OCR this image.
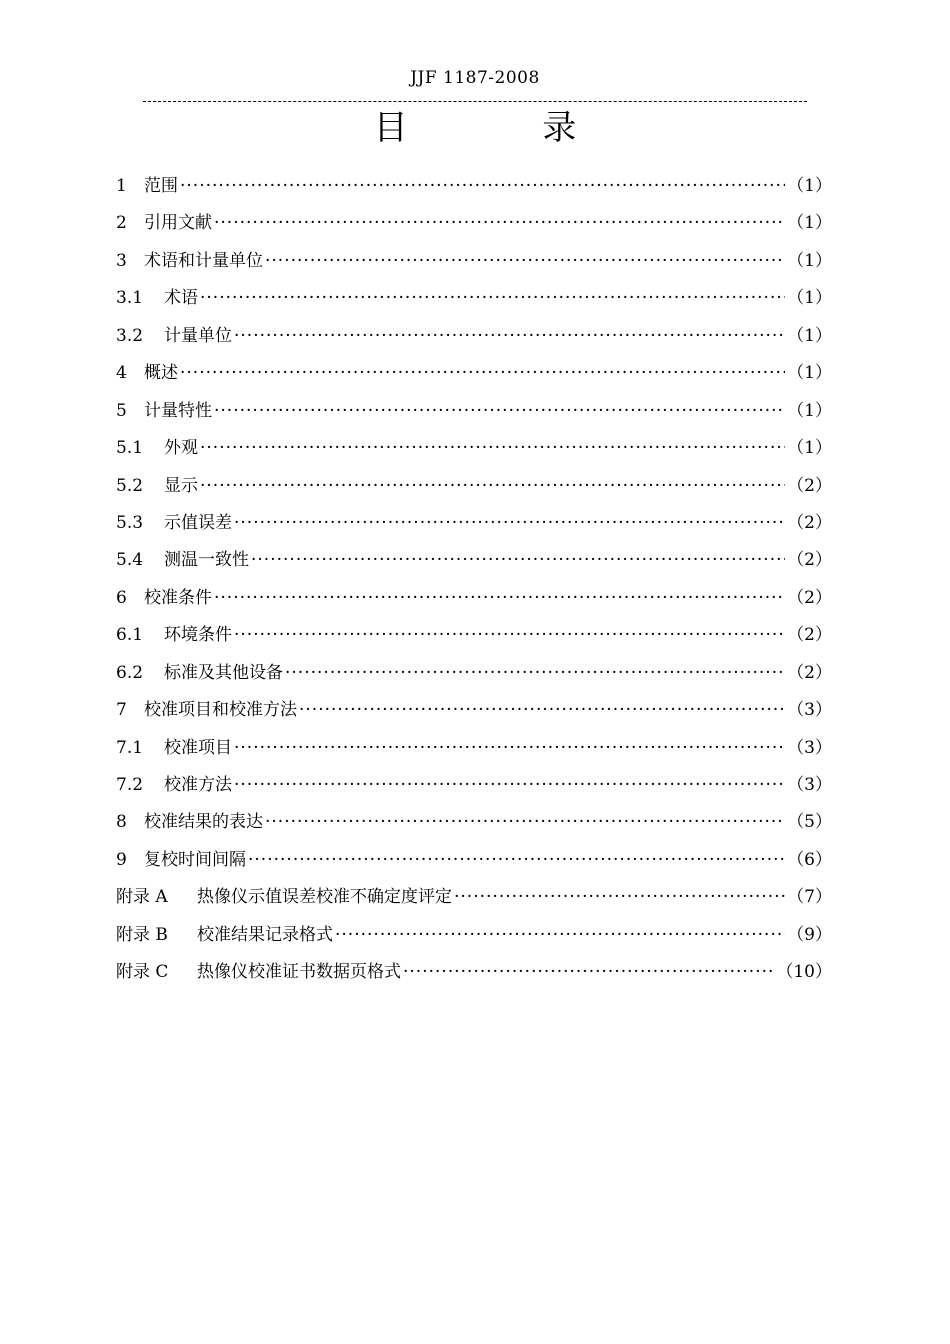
JJF 1187-2008
目 录
1	范围 ·····	（1）
2	引用文献 ·····	（1）
3	术语和计量单位 ·····	（1）
3.1	术语 ·····	（1）
3.2	计量单位 ·····	（1）
4	概述 ·····	（1）
5	计量特性 ·····	（1）
5.1	外观 ·····	（1）
5.2	显示 ·····	（2）
5.3	示值误差 ·····	（2）
5.4	测温一致性 ·····	（2）
6	校准条件 ·····	（2）
6.1	环境条件 ·····	（2）
6.2	标准及其他设备 ·····	（2）
7	校准项目和校准方法 ·····	（3）
7.1	校准项目 ·····	（3）
7.2	校准方法 ·····	（3）
8	校准结果的表达 ·····	（5）
9	复校时间间隔 ·····	（6）
附录 A	热像仪示值误差校准不确定度评定 ·····	（7）
附录 B	校准结果记录格式 ·····	（9）
附录 C	热像仪校准证书数据页格式 ·····	（10）
